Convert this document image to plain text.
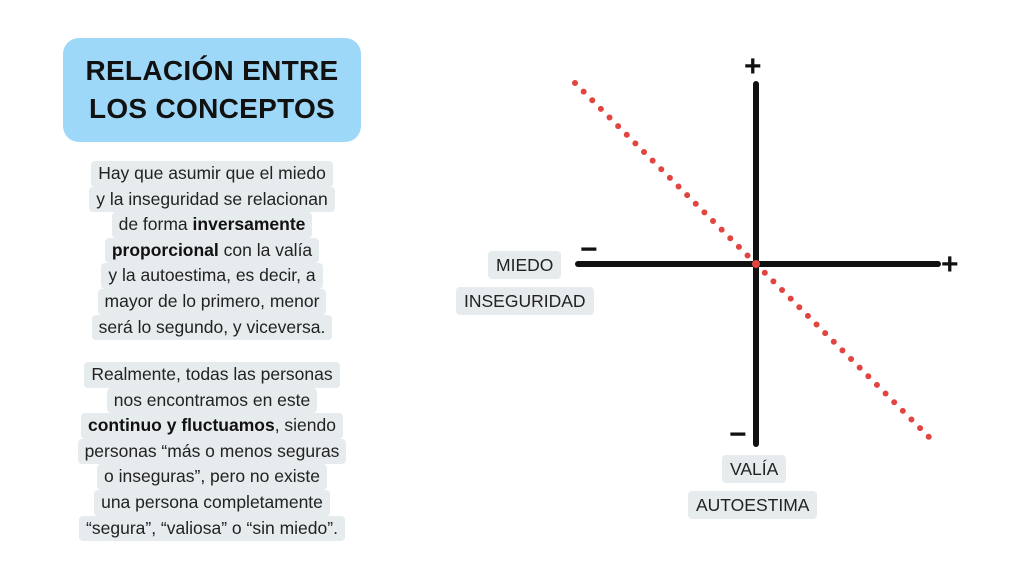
RELACIÓN ENTRE
LOS CONCEPTOS
Hay que asumir que el miedo
y la inseguridad se relacionan
de forma inversamente
proporcional con la valía
y la autoestima, es decir, a
mayor de lo primero, menor
será lo segundo, y viceversa.
Realmente, todas las personas
nos encontramos en este
continuo y fluctuamos, siendo
personas “más o menos seguras
o inseguras”, pero no existe
una persona completamente
“segura”, “valiosa” o “sin miedo”.
+
−
−	+
MIEDO
INSEGURIDAD
VALÍA
AUTOESTIMA
